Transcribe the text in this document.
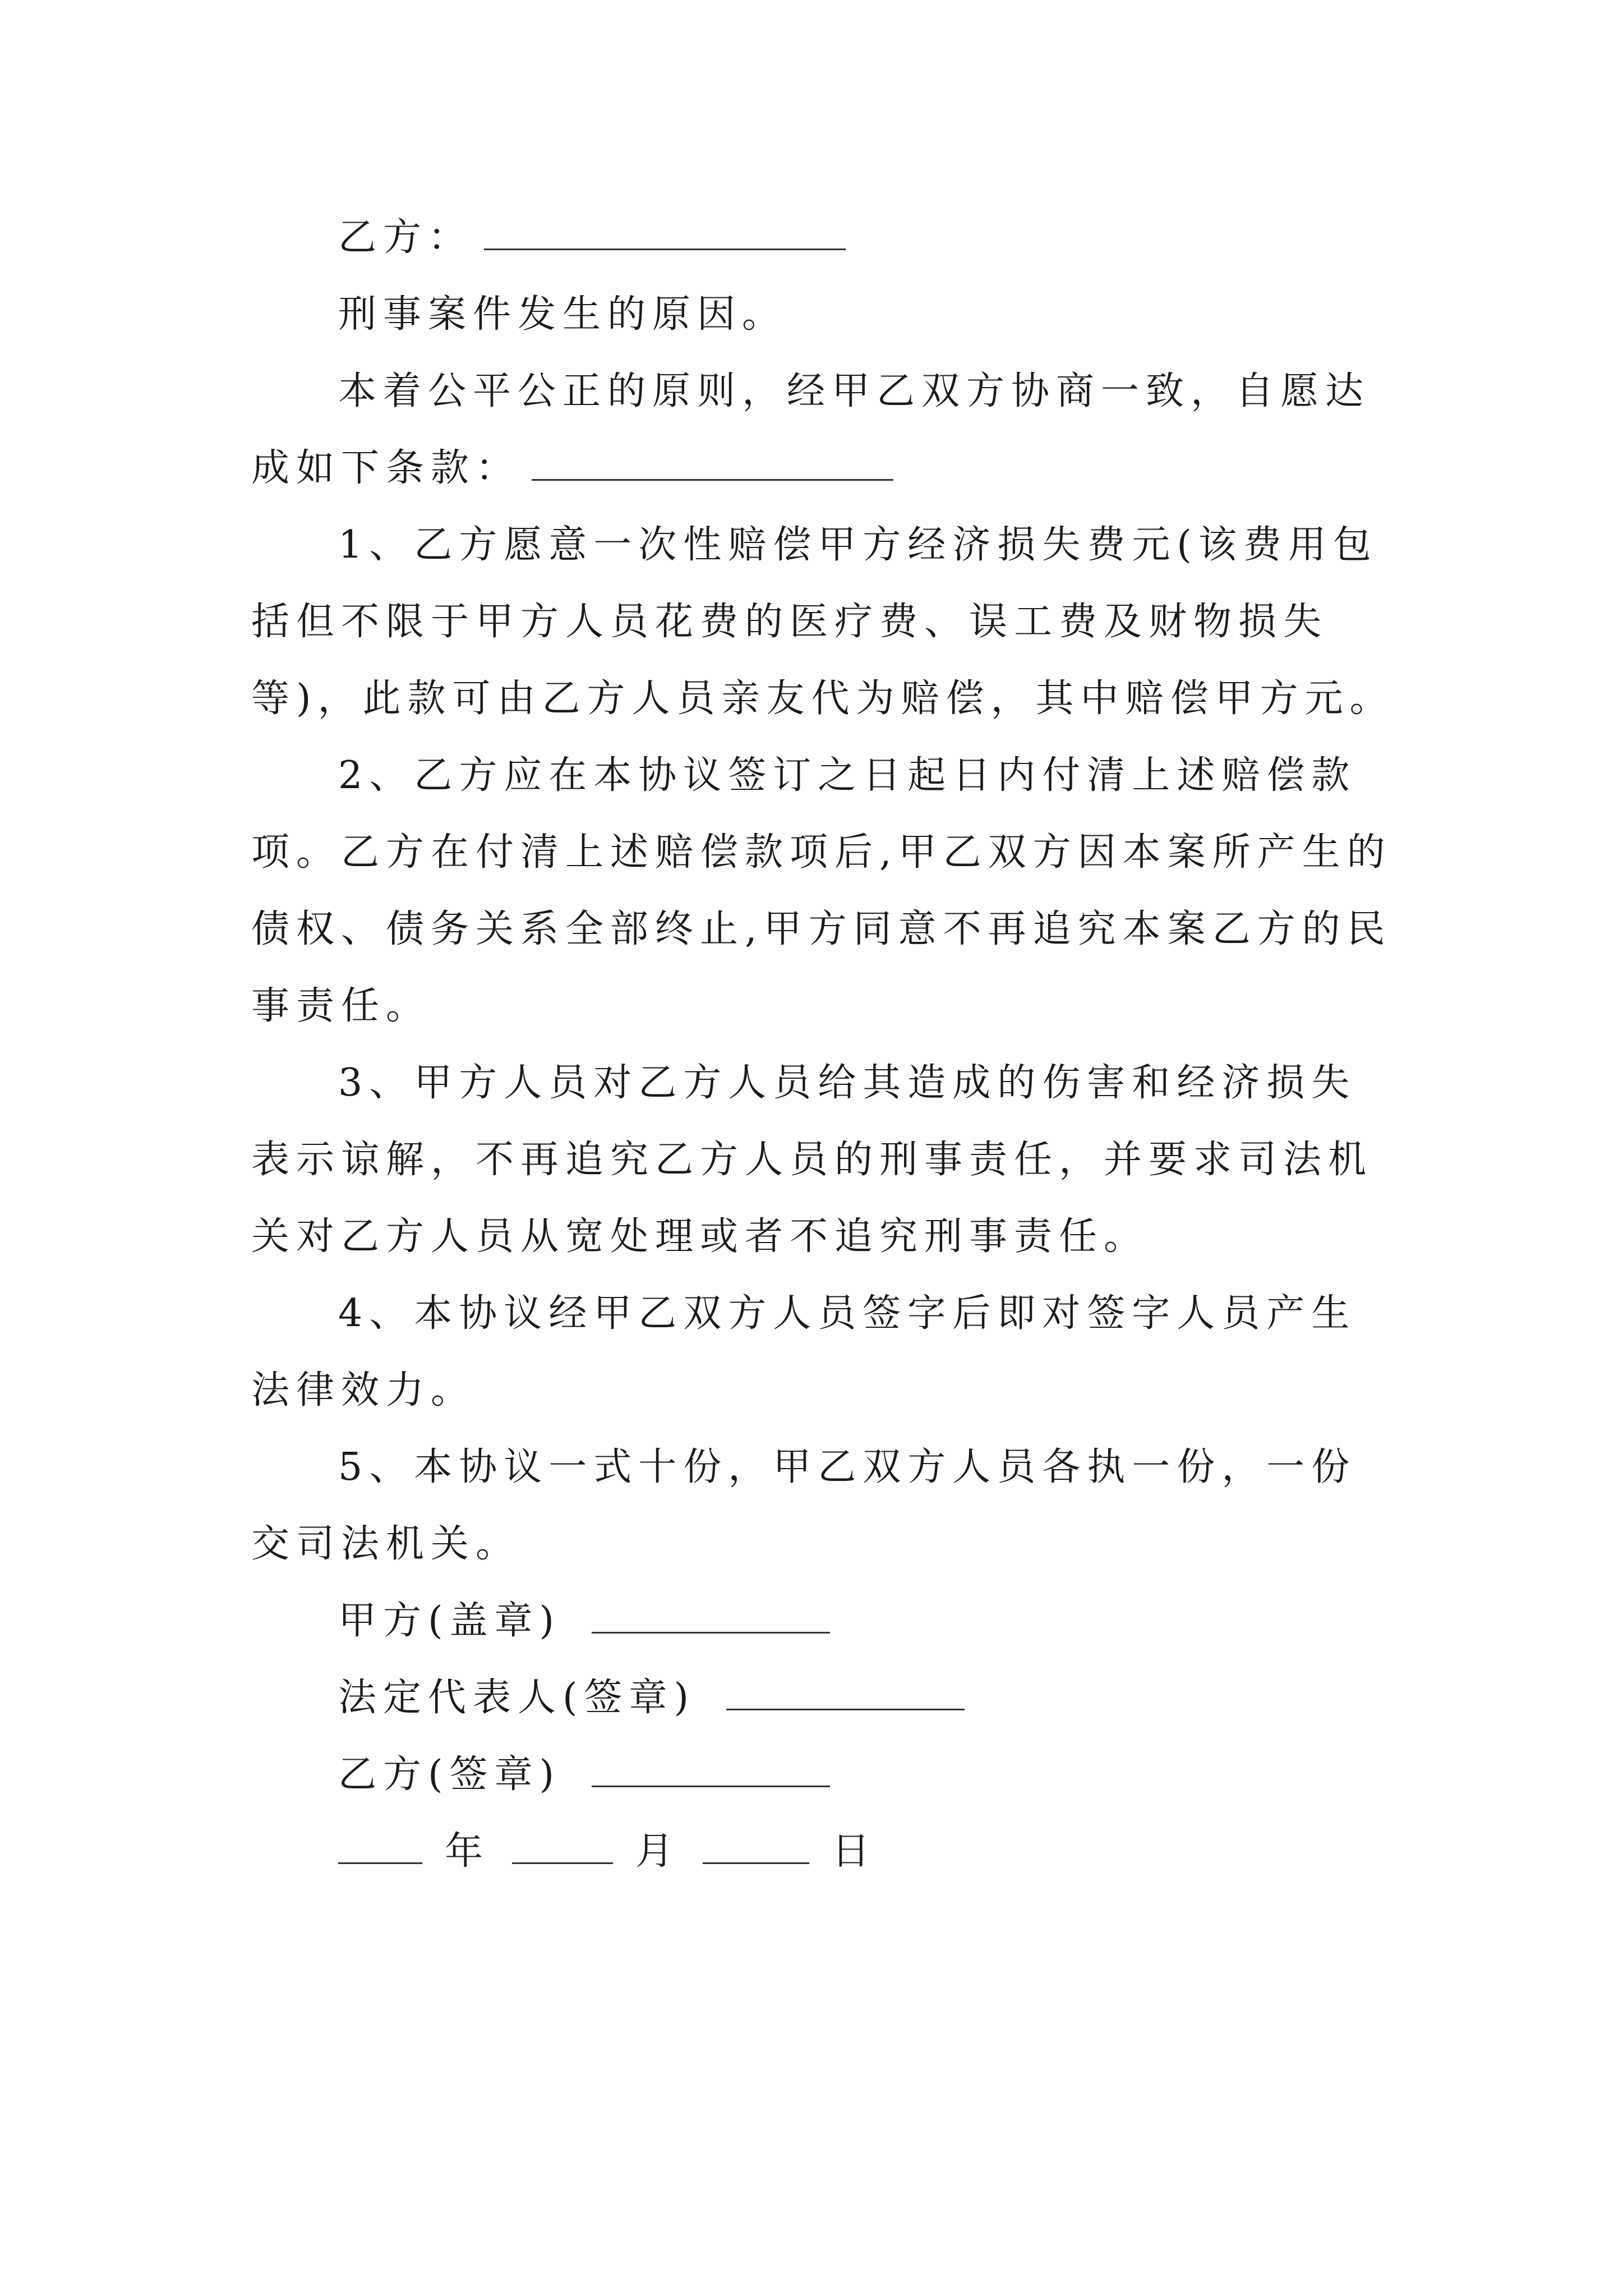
乙方：

刑事案件发生的原因。

本着公平公正的原则，经甲乙双方协商一致，自愿达成如下条款：

1、乙方愿意一次性赔偿甲方经济损失费元(该费用包括但不限于甲方人员花费的医疗费、误工费及财物损失等)，此款可由乙方人员亲友代为赔偿，其中赔偿甲方元。

2、乙方应在本协议签订之日起日内付清上述赔偿款项。乙方在付清上述赔偿款项后,甲乙双方因本案所产生的债权、债务关系全部终止,甲方同意不再追究本案乙方的民事责任。

3、甲方人员对乙方人员给其造成的伤害和经济损失表示谅解，不再追究乙方人员的刑事责任，并要求司法机关对乙方人员从宽处理或者不追究刑事责任。

4、本协议经甲乙双方人员签字后即对签字人员产生法律效力。

5、本协议一式十份，甲乙双方人员各执一份，一份交司法机关。

甲方(盖章)

法定代表人(签章)

乙方(签章)

年	月	日
